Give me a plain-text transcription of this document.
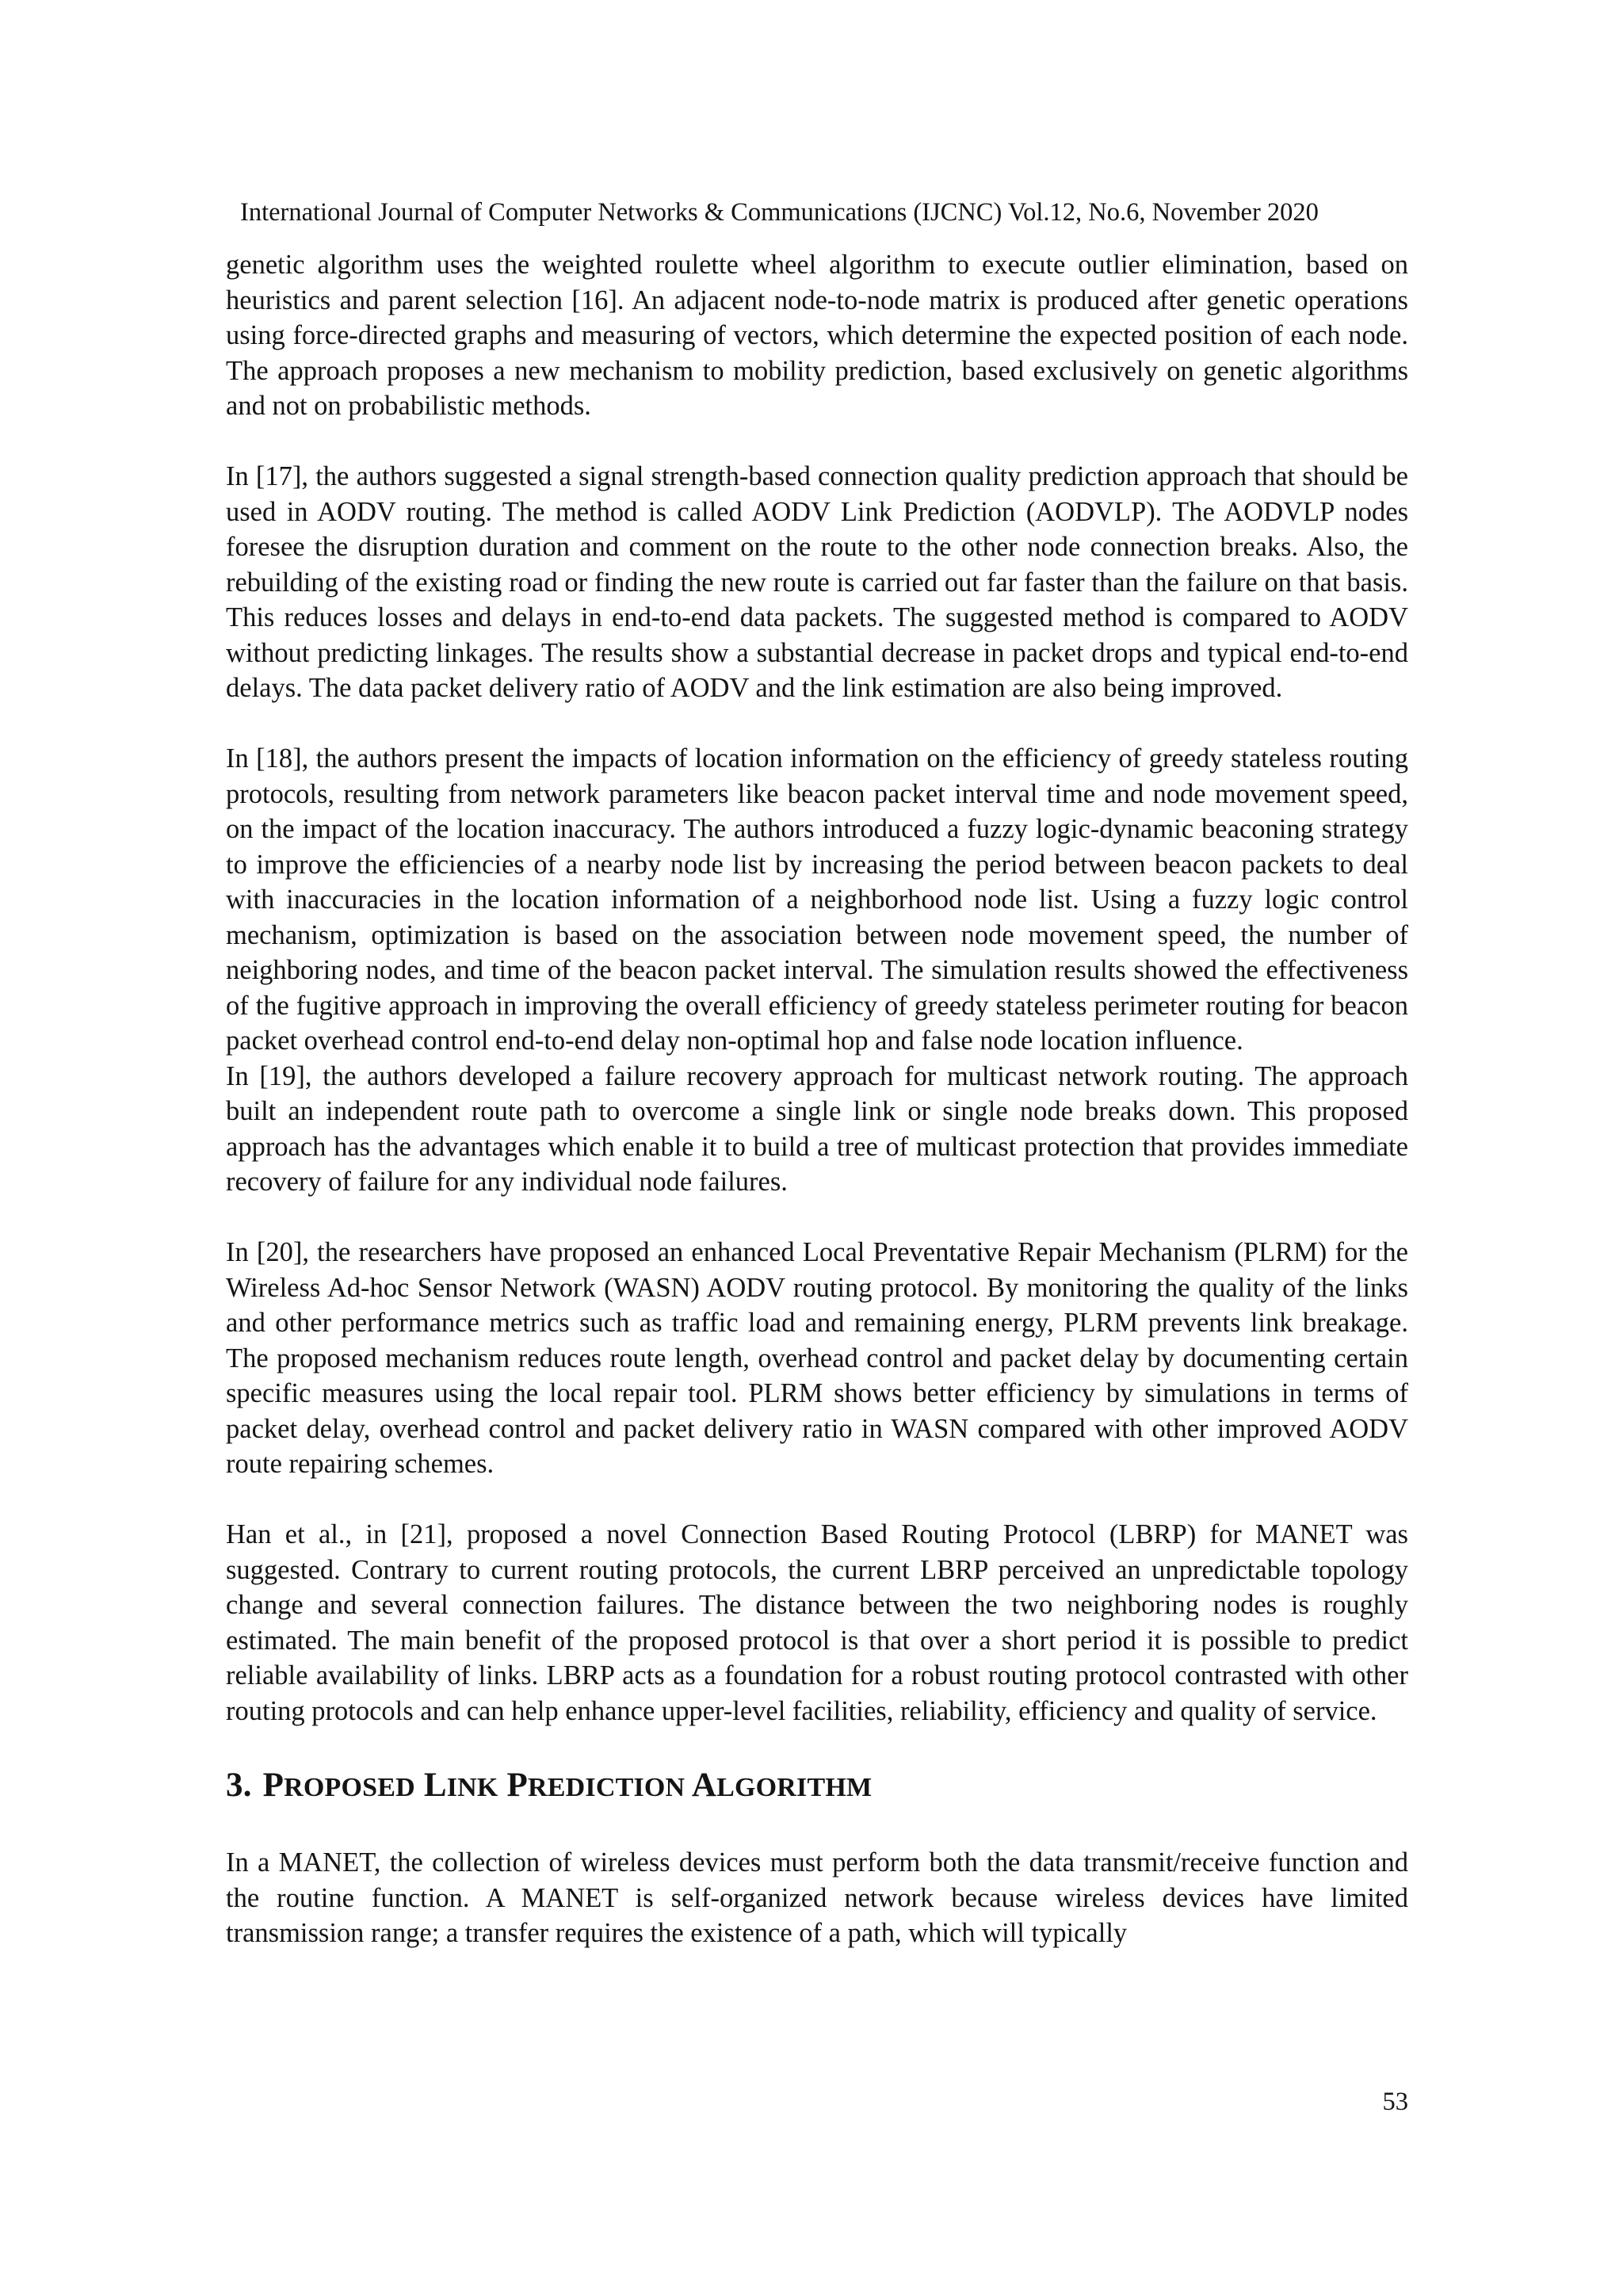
International Journal of Computer Networks & Communications (IJCNC) Vol.12, No.6, November 2020

genetic algorithm uses the weighted roulette wheel algorithm to execute outlier elimination, based on heuristics and parent selection [16]. An adjacent node-to-node matrix is produced after genetic operations using force-directed graphs and measuring of vectors, which determine the expected position of each node. The approach proposes a new mechanism to mobility prediction, based exclusively on genetic algorithms and not on probabilistic methods.

In [17], the authors suggested a signal strength-based connection quality prediction approach that should be used in AODV routing. The method is called AODV Link Prediction (AODVLP). The AODVLP nodes foresee the disruption duration and comment on the route to the other node connection breaks. Also, the rebuilding of the existing road or finding the new route is carried out far faster than the failure on that basis. This reduces losses and delays in end-to-end data packets. The suggested method is compared to AODV without predicting linkages. The results show a substantial decrease in packet drops and typical end-to-end delays. The data packet delivery ratio of AODV and the link estimation are also being improved.

In [18], the authors present the impacts of location information on the efficiency of greedy stateless routing protocols, resulting from network parameters like beacon packet interval time and node movement speed, on the impact of the location inaccuracy. The authors introduced a fuzzy logic-dynamic beaconing strategy to improve the efficiencies of a nearby node list by increasing the period between beacon packets to deal with inaccuracies in the location information of a neighborhood node list. Using a fuzzy logic control mechanism, optimization is based on the association between node movement speed, the number of neighboring nodes, and time of the beacon packet interval. The simulation results showed the effectiveness of the fugitive approach in improving the overall efficiency of greedy stateless perimeter routing for beacon packet overhead control end-to-end delay non-optimal hop and false node location influence.

In [19], the authors developed a failure recovery approach for multicast network routing. The approach built an independent route path to overcome a single link or single node breaks down. This proposed approach has the advantages which enable it to build a tree of multicast protection that provides immediate recovery of failure for any individual node failures.

In [20], the researchers have proposed an enhanced Local Preventative Repair Mechanism (PLRM) for the Wireless Ad-hoc Sensor Network (WASN) AODV routing protocol. By monitoring the quality of the links and other performance metrics such as traffic load and remaining energy, PLRM prevents link breakage. The proposed mechanism reduces route length, overhead control and packet delay by documenting certain specific measures using the local repair tool. PLRM shows better efficiency by simulations in terms of packet delay, overhead control and packet delivery ratio in WASN compared with other improved AODV route repairing schemes.

Han et al., in [21], proposed a novel Connection Based Routing Protocol (LBRP) for MANET was suggested. Contrary to current routing protocols, the current LBRP perceived an unpredictable topology change and several connection failures. The distance between the two neighboring nodes is roughly estimated. The main benefit of the proposed protocol is that over a short period it is possible to predict reliable availability of links. LBRP acts as a foundation for a robust routing protocol contrasted with other routing protocols and can help enhance upper-level facilities, reliability, efficiency and quality of service.

3. PROPOSED LINK PREDICTION ALGORITHM

In a MANET, the collection of wireless devices must perform both the data transmit/receive function and the routine function. A MANET is self-organized network because wireless devices have limited transmission range; a transfer requires the existence of a path, which will typically

53
